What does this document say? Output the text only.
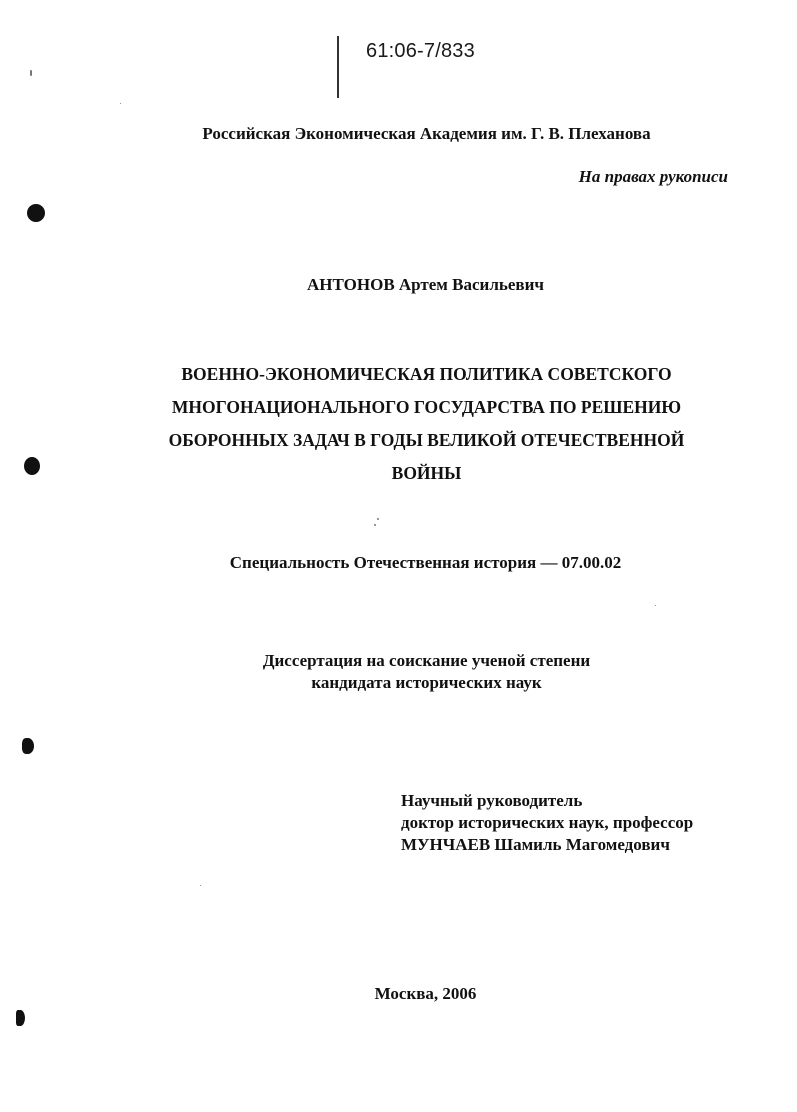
61:06-7/833
Российская Экономическая Академия им. Г. В. Плеханова
На правах рукописи
АНТОНОВ Артем Васильевич
ВОЕННО-ЭКОНОМИЧЕСКАЯ ПОЛИТИКА СОВЕТСКОГО
МНОГОНАЦИОНАЛЬНОГО ГОСУДАРСТВА ПО РЕШЕНИЮ
ОБОРОННЫХ ЗАДАЧ В ГОДЫ ВЕЛИКОЙ ОТЕЧЕСТВЕННОЙ
ВОЙНЫ
Специальность Отечественная история — 07.00.02
Диссертация на соискание ученой степени
кандидата исторических наук
Научный руководитель
доктор исторических наук, профессор
МУНЧАЕВ Шамиль Магомедович
Москва, 2006
